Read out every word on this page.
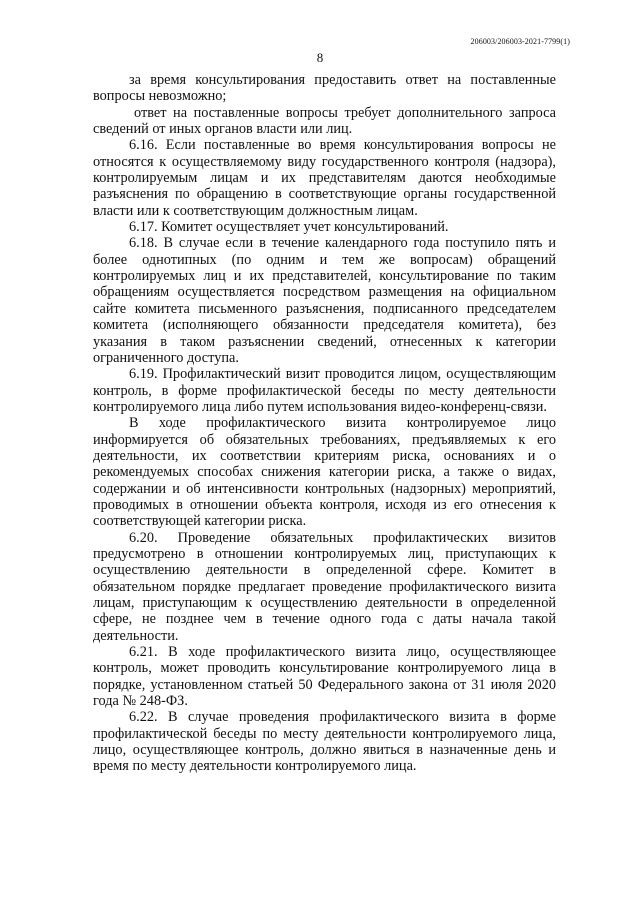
206003/206003-2021-7799(1)
8

за время консультирования предоставить ответ на поставленные вопросы невозможно;

ответ на поставленные вопросы требует дополнительного запроса сведений от иных органов власти или лиц.

6.16. Если поставленные во время консультирования вопросы не относятся к осуществляемому виду государственного контроля (надзора), контролируемым лицам и их представителям даются необходимые разъяснения по обращению в соответствующие органы государственной власти или к соответствующим должностным лицам.

6.17. Комитет осуществляет учет консультирований.

6.18. В случае если в течение календарного года поступило пять и более однотипных (по одним и тем же вопросам) обращений контролируемых лиц и их представителей, консультирование по таким обращениям осуществляется посредством размещения на официальном сайте комитета письменного разъяснения, подписанного председателем комитета (исполняющего обязанности председателя комитета), без указания в таком разъяснении сведений, отнесенных к категории ограниченного доступа.

6.19. Профилактический визит проводится лицом, осуществляющим контроль, в форме профилактической беседы по месту деятельности контролируемого лица либо путем использования видео-конференц-связи.

В ходе профилактического визита контролируемое лицо информируется об обязательных требованиях, предъявляемых к его деятельности, их соответствии критериям риска, основаниях и о рекомендуемых способах снижения категории риска, а также о видах, содержании и об интенсивности контрольных (надзорных) мероприятий, проводимых в отношении объекта контроля, исходя из его отнесения к соответствующей категории риска.

6.20. Проведение обязательных профилактических визитов предусмотрено в отношении контролируемых лиц, приступающих к осуществлению деятельности в определенной сфере. Комитет в обязательном порядке предлагает проведение профилактического визита лицам, приступающим к осуществлению деятельности в определенной сфере, не позднее чем в течение одного года с даты начала такой деятельности.

6.21. В ходе профилактического визита лицо, осуществляющее контроль, может проводить консультирование контролируемого лица в порядке, установленном статьей 50 Федерального закона от 31 июля 2020 года № 248-ФЗ.

6.22. В случае проведения профилактического визита в форме профилактической беседы по месту деятельности контролируемого лица, лицо, осуществляющее контроль, должно явиться в назначенные день и время по месту деятельности контролируемого лица.
